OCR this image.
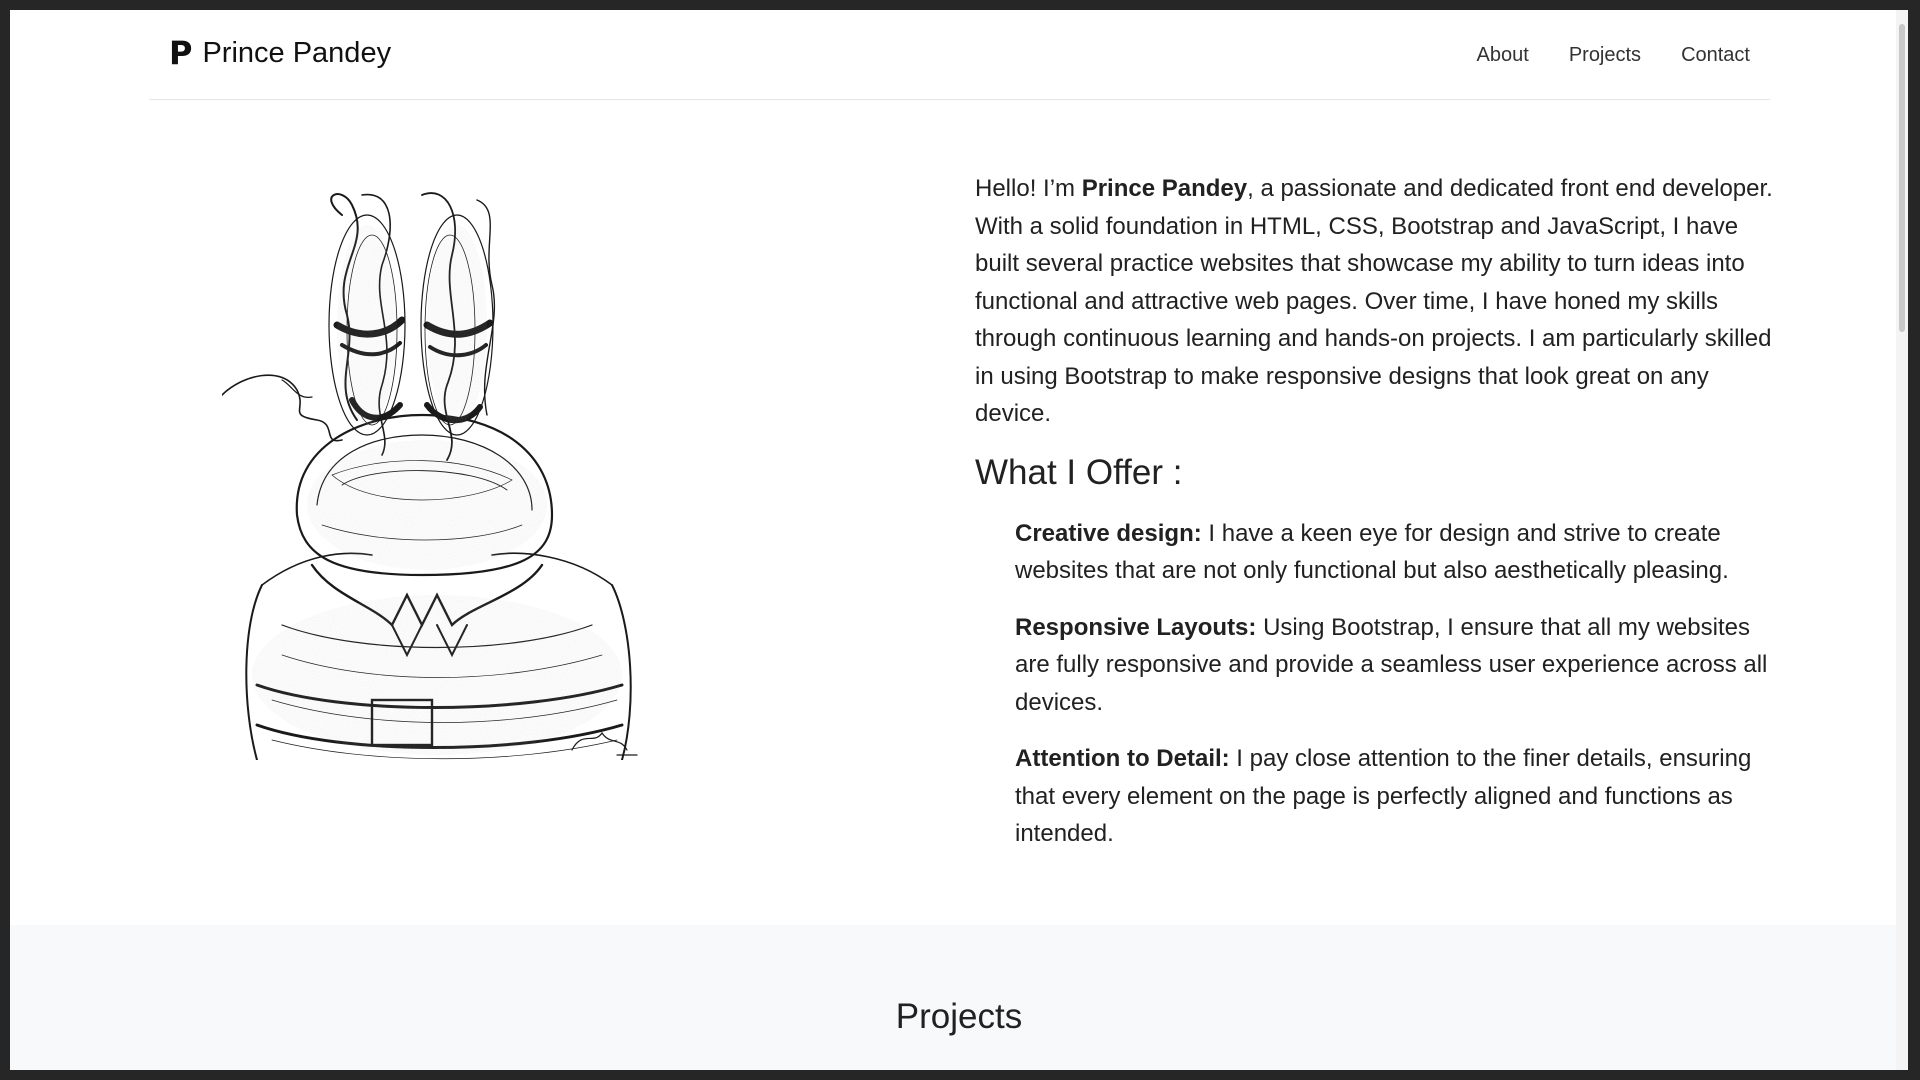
P Prince Pandey	About Projects Contact

Hello! I’m Prince Pandey, a passionate and dedicated front end developer. With a solid foundation in HTML, CSS, Bootstrap and JavaScript, I have built several practice websites that showcase my ability to turn ideas into functional and attractive web pages. Over time, I have honed my skills through continuous learning and hands-on projects. I am particularly skilled in using Bootstrap to make responsive designs that look great on any device.

What I Offer :
Creative design: I have a keen eye for design and strive to create websites that are not only functional but also aesthetically pleasing.
Responsive Layouts: Using Bootstrap, I ensure that all my websites are fully responsive and provide a seamless user experience across all devices.
Attention to Detail: I pay close attention to the finer details, ensuring that every element on the page is perfectly aligned and functions as intended.
Projects
